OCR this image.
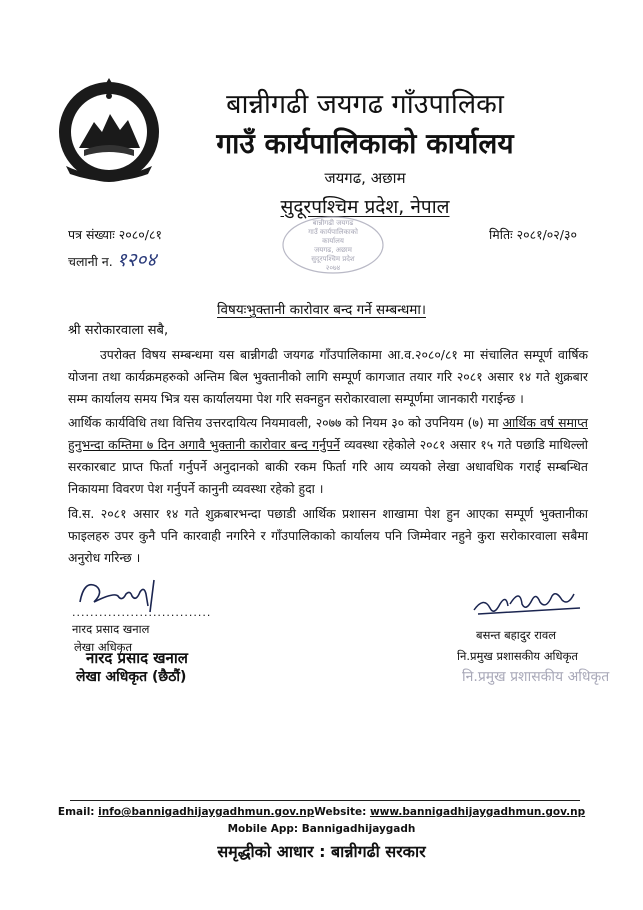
बान्नीगढी जयगढ गाँउपालिका
गाउँ कार्यपालिकाको कार्यालय
जयगढ, अछाम
सुदूरपश्चिम प्रदेश, नेपाल
पत्र संख्याः २०८०/८१
चलानी न. १२०४
मितिः २०८१/०२/३०
बान्नीगढी जयगढ
गाउँ कार्यपालिकाको
कार्यालय
जयगढ, अछाम
सुदूरपश्चिम प्रदेश
२०७४
विषयःभुक्तानी कारोवार बन्द गर्ने सम्बन्धमा।
श्री सरोकारवाला सबै,
उपरोक्त विषय सम्बन्धमा यस बान्नीगढी जयगढ गाँउपालिकामा आ.व.२०८०/८१ मा संचालित सम्पूर्ण वार्षिक योजना तथा कार्यक्रमहरुको अन्तिम बिल भुक्तानीको लागि सम्पूर्ण कागजात तयार गरि २०८१ असार १४ गते शुक्रबार सम्म कार्यालय समय भित्र यस कार्यालयमा पेश गरि सक्नहुन सरोकारवाला सम्पूर्णमा जानकारी गराईन्छ ।
आर्थिक कार्यविधि तथा वित्तिय उत्तरदायित्य नियमावली, २०७७ को नियम ३० को उपनियम (७) मा आर्थिक वर्ष समाप्त हुनुभन्दा कम्तिमा ७ दिन अगावै भुक्तानी कारोवार बन्द गर्नुपर्ने व्यवस्था रहेकोले २०८१ असार १५ गते पछाडि माथिल्लो सरकारबाट प्राप्त फिर्ता गर्नुपर्ने अनुदानको बाकी रकम फिर्ता गरि आय व्ययको लेखा अधावधिक गराई सम्बन्धित निकायमा विवरण पेश गर्नुपर्ने कानुनी व्यवस्था रहेको हुदा ।
वि.स. २०८१ असार १४ गते शुक्रबारभन्दा पछाडी आर्थिक प्रशासन शाखामा पेश हुन आएका सम्पूर्ण भुक्तानीका फाइलहरु उपर कुनै पनि कारवाही नगरिने र गाँउपालिकाको कार्यालय पनि जिम्मेवार नहुने कुरा सरोकारवाला सबैमा अनुरोध गरिन्छ ।
...............................
नारद प्रसाद खनाल
लेखा अधिकृत
नारद प्रसाद खनाल
लेखा अधिकृत (छैठौं)
बसन्त बहादुर रावल
नि.प्रमुख प्रशासकीय अधिकृत
नि.प्रमुख प्रशासकीय अधिकृत
Email: info@bannigadhijaygadhmun.gov.npWebsite: www.bannigadhijaygadhmun.gov.np
Mobile App: Bannigadhijaygadh
समृद्धीको आधार : बान्नीगढी सरकार
